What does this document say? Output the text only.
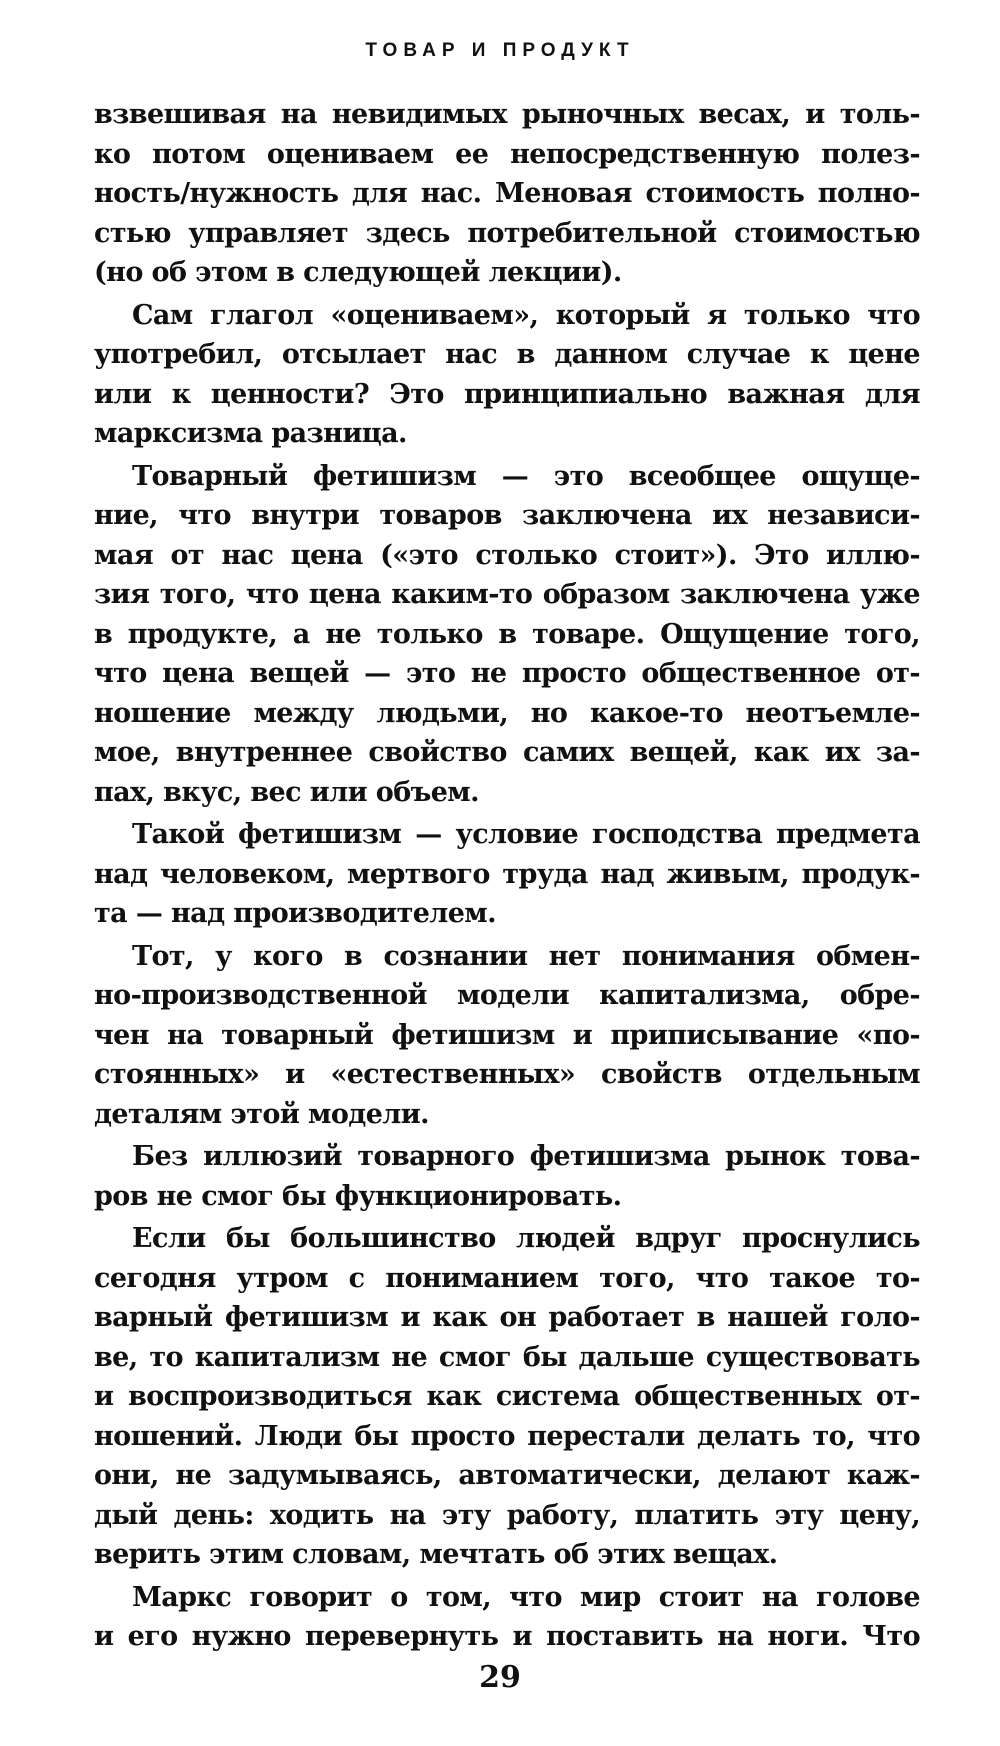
ТОВАР И ПРОДУКТ
взвешивая на невидимых рыночных весах, и толь-
ко потом оцениваем ее непосредственную полез-
ность/нужность для нас. Меновая стоимость полно-
стью управляет здесь потребительной стоимостью
(но об этом в следующей лекции).
Сам глагол «оцениваем», который я только что
употребил, отсылает нас в данном случае к цене
или к ценности? Это принципиально важная для
марксизма разница.
Товарный фетишизм — это всеобщее ощуще-
ние, что внутри товаров заключена их независи-
мая от нас цена («это столько стоит»). Это иллю-
зия того, что цена каким-то образом заключена уже
в продукте, а не только в товаре. Ощущение того,
что цена вещей — это не просто общественное от-
ношение между людьми, но какое-то неотъемле-
мое, внутреннее свойство самих вещей, как их за-
пах, вкус, вес или объем.
Такой фетишизм — условие господства предмета
над человеком, мертвого труда над живым, продук-
та — над производителем.
Тот, у кого в сознании нет понимания обмен-
но-производственной модели капитализма, обре-
чен на товарный фетишизм и приписывание «по-
стоянных» и «естественных» свойств отдельным
деталям этой модели.
Без иллюзий товарного фетишизма рынок това-
ров не смог бы функционировать.
Если бы большинство людей вдруг проснулись
сегодня утром с пониманием того, что такое то-
варный фетишизм и как он работает в нашей голо-
ве, то капитализм не смог бы дальше существовать
и воспроизводиться как система общественных от-
ношений. Люди бы просто перестали делать то, что
они, не задумываясь, автоматически, делают каж-
дый день: ходить на эту работу, платить эту цену,
верить этим словам, мечтать об этих вещах.
Маркс говорит о том, что мир стоит на голове
и его нужно перевернуть и поставить на ноги. Что
29
